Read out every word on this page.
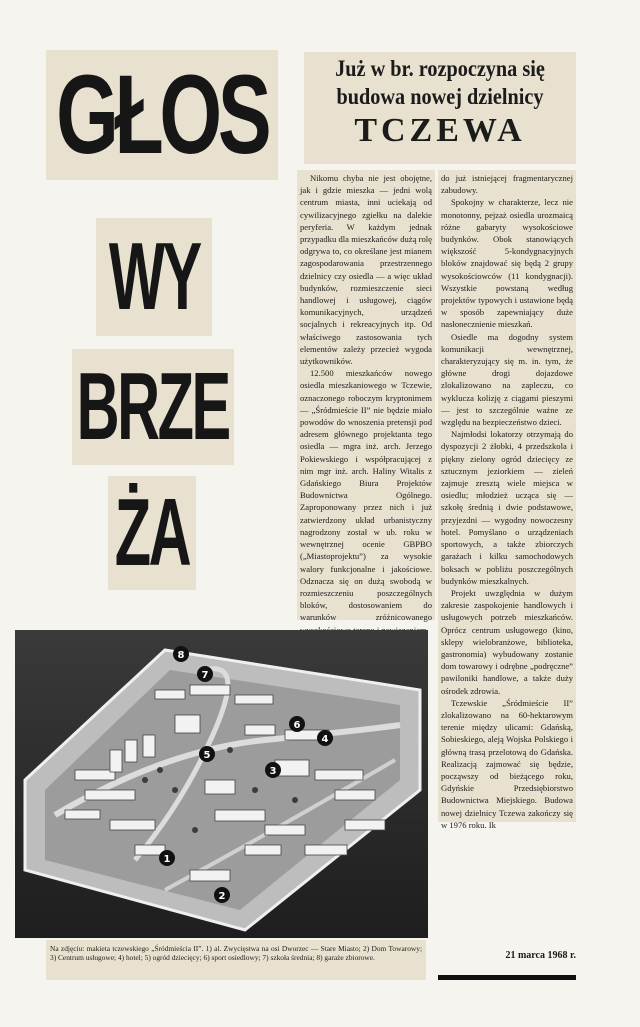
GŁOS	Już w br. rozpoczyna się
budowa nowej dzielnicy
TCZEWA
WY
BRZE
ŻA

Nikomu chyba nie jest obojętne, jak i gdzie mieszka — jedni wolą centrum miasta, inni uciekają od cywilizacyjnego zgiełku na dalekie peryferia. W każdym jednak przypadku dla mieszkańców dużą rolę odgrywa to, co określane jest mianem zagospodarowania przestrzennego dzielnicy czy osiedla — a więc układ budynków, rozmieszczenie sieci handlowej i usługowej, ciągów komunikacyjnych, urządzeń socjalnych i rekreacyjnych itp. Od właściwego zastosowania tych elementów zależy przecież wygoda użytkowników.

12.500 mieszkańców nowego osiedla mieszkaniowego w Tczewie, oznaczonego roboczym kryptonimem — „Śródmieście II” nie będzie miało powodów do wnoszenia pretensji pod adresem głównego projektanta tego osiedla — mgra inż. arch. Jerzego Pokiewskiego i współpracującej z nim mgr inż. arch. Haliny Witalis z Gdańskiego Biura Projektów Budownictwa Ogólnego. Zaproponowany przez nich i już zatwierdzony układ urbanistyczny nagrodzony został w ub. roku w wewnętrznej ocenie GBPBO („Miastoprojektu”) za wysokie walory funkcjonalne i jakościowe. Odznacza się on dużą swobodą w rozmieszczeniu poszczególnych bloków, dostosowaniem do warunków zróżnicowanego

do już istniejącej fragmentarycznej zabudowy.

Spokojny w charakterze, lecz nie monotonny, pejzaż osiedla urozmaicą różne gabaryty wysokościowe budynków. Obok stanowiących większość 5-kondygnacyjnych bloków znajdować się będą 2 grupy wysokościowców (11 kondygnacji). Wszystkie powstaną według projektów typowych i ustawione będą w sposób zapewniający duże nasłonecznienie mieszkań.

Osiedle ma dogodny system komunikacji wewnętrznej, charakteryzujący się m. in. tym, że główne drogi dojazdowe zlokalizowano na zapleczu, co wyklucza kolizję z ciągami pieszymi — jest to szczególnie ważne ze względu na bezpieczeństwo dzieci.

Najmłodsi lokatorzy otrzymają do dyspozycji 2 żłobki, 4 przedszkola i piękny zielony ogród dziecięcy ze sztucznym jeziorkiem — zieleń zajmuje zresztą wiele miejsca w osiedlu; młodzież ucząca się — szkołę średnią i dwie podstawowe, przyjezdni — wygodny nowoczesny hotel. Pomyślano o urządzeniach sportowych, a także zbiorczych garażach i kilku samochodowych boksach w pobliżu poszczególnych budynków mieszkalnych.

Projekt uwzględnia w dużym zakresie zaspokojenie handlowych i usługowych potrzeb mieszkańców. Oprócz centrum usługowego (kino, sklepy wielobranżowe, biblioteka, gastronomia) wybudowany zostanie dom towarowy i odrębne „podręczne” pawiloniki handlowe, a także duży ośrodek zdrowia.

Tczewskie „Śródmieście II” zlokalizowano na 60-hektarowym terenie między ulicami: Gdańską, Sobieskiego, aleją Wojska Polskiego i główną trasą przelotową do Gdańska. Realizacją zajmować się będzie, począwszy od bieżącego roku, Gdyńskie Przedsiębiorstwo Budownictwa Miejskiego. Budowa nowej dzielnicy Tczewa zakończy się w 1976 roku. Ik

1
2
3
4
5
6
7
8
Na zdjęciu: makieta tczewskiego „Śródmieścia II”. 1) al. Zwycięstwa na osi Dworzec — Stare Miasto; 2) Dom Towarowy; 3) Centrum usługowe; 4) hotel; 5) ogród dziecięcy; 6) sport osiedlowy; 7) szkoła średnia; 8) garaże zbiorowe.	21 marca 1968 r.
